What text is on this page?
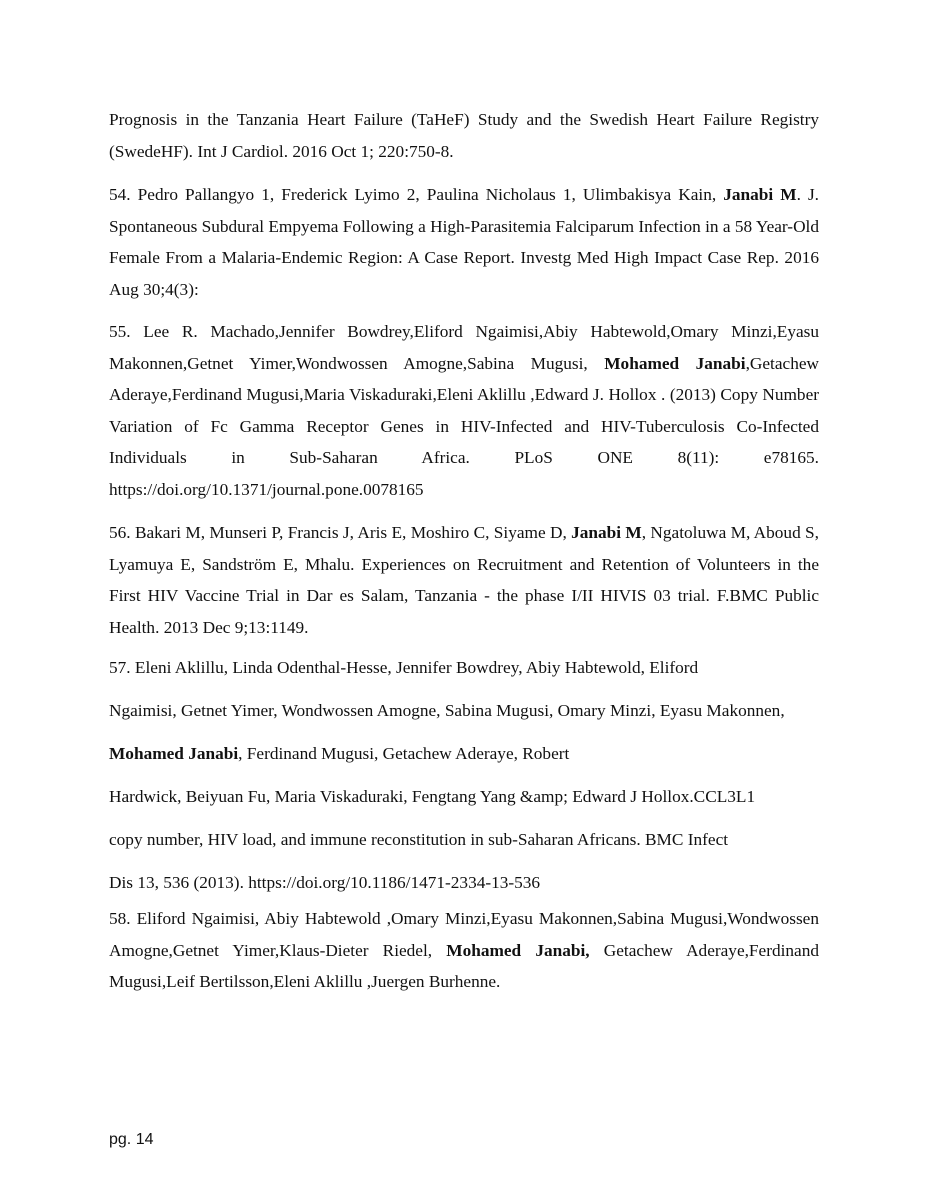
Prognosis in the Tanzania Heart Failure (TaHeF) Study and the Swedish Heart Failure Registry (SwedeHF). Int J Cardiol. 2016 Oct 1; 220:750-8.

54. Pedro Pallangyo 1, Frederick Lyimo 2, Paulina Nicholaus 1, Ulimbakisya Kain, Janabi M. J. Spontaneous Subdural Empyema Following a High-Parasitemia Falciparum Infection in a 58 Year-Old Female From a Malaria-Endemic Region: A Case Report. Investg Med High Impact Case Rep. 2016 Aug 30;4(3):

55. Lee R. Machado,Jennifer Bowdrey,Eliford Ngaimisi,Abiy Habtewold,Omary Minzi,Eyasu Makonnen,Getnet Yimer,Wondwossen Amogne,Sabina Mugusi, Mohamed Janabi,Getachew Aderaye,Ferdinand Mugusi,Maria Viskaduraki,Eleni Aklillu ,Edward J. Hollox . (2013) Copy Number Variation of Fc Gamma Receptor Genes in HIV-Infected and HIV-Tuberculosis Co-Infected Individuals in Sub-Saharan Africa. PLoS ONE 8(11): e78165. https://doi.org/10.1371/journal.pone.0078165

56. Bakari M, Munseri P, Francis J, Aris E, Moshiro C, Siyame D, Janabi M, Ngatoluwa M, Aboud S, Lyamuya E, Sandström E, Mhalu. Experiences on Recruitment and Retention of Volunteers in the First HIV Vaccine Trial in Dar es Salam, Tanzania - the phase I/II HIVIS 03 trial. F.BMC Public Health. 2013 Dec 9;13:1149.

57. Eleni Aklillu, Linda Odenthal-Hesse, Jennifer Bowdrey, Abiy Habtewold, Eliford
Ngaimisi, Getnet Yimer, Wondwossen Amogne, Sabina Mugusi, Omary Minzi, Eyasu Makonnen,
Mohamed Janabi, Ferdinand Mugusi, Getachew Aderaye, Robert
Hardwick, Beiyuan Fu, Maria Viskaduraki, Fengtang Yang &amp; Edward J Hollox.CCL3L1
copy number, HIV load, and immune reconstitution in sub-Saharan Africans. BMC Infect
Dis 13, 536 (2013). https://doi.org/10.1186/1471-2334-13-536

58. Eliford Ngaimisi, Abiy Habtewold ,Omary Minzi,Eyasu Makonnen,Sabina Mugusi,Wondwossen Amogne,Getnet Yimer,Klaus-Dieter Riedel, Mohamed Janabi, Getachew Aderaye,Ferdinand Mugusi,Leif Bertilsson,Eleni Aklillu ,Juergen Burhenne.

pg. 14
